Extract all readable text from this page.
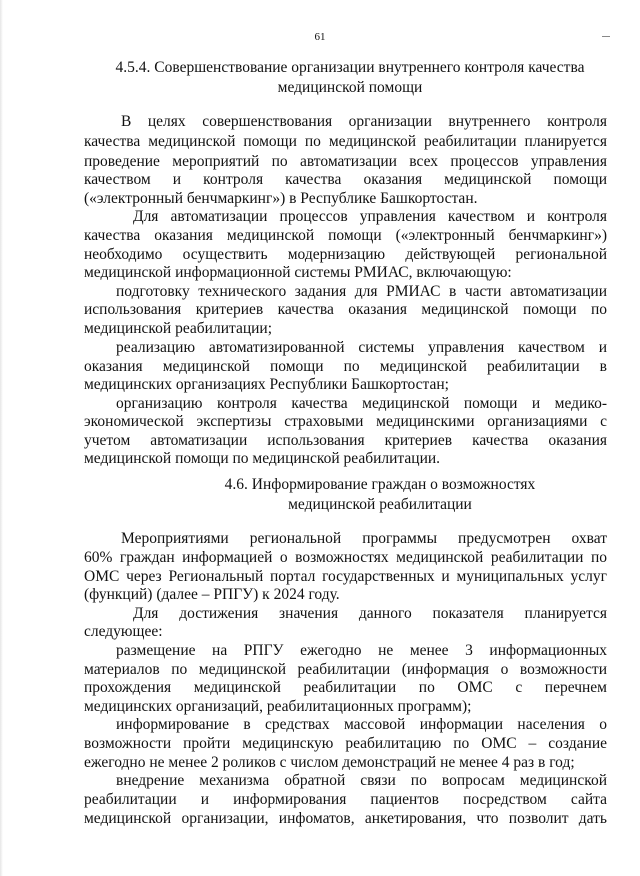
61
4.5.4. Совершенствование организации внутреннего контроля качества
медицинской помощи
В целях совершенствования организации внутреннего контроля
качества медицинской помощи по медицинской реабилитации планируется
проведение мероприятий по автоматизации всех процессов управления
качеством и контроля качества оказания медицинской помощи
(«электронный бенчмаркинг») в Республике Башкортостан.
Для автоматизации процессов управления качеством и контроля
качества оказания медицинской помощи («электронный бенчмаркинг»)
необходимо осуществить модернизацию действующей региональной
медицинской информационной системы РМИАС, включающую:
подготовку технического задания для РМИАС в части автоматизации
использования критериев качества оказания медицинской помощи по
медицинской реабилитации;
реализацию автоматизированной системы управления качеством и
оказания медицинской помощи по медицинской реабилитации в
медицинских организациях Республики Башкортостан;
организацию контроля качества медицинской помощи и медико-
экономической экспертизы страховыми медицинскими организациями с
учетом автоматизации использования критериев качества оказания
медицинской помощи по медицинской реабилитации.
4.6. Информирование граждан о возможностях
медицинской реабилитации
Мероприятиями региональной программы предусмотрен охват
60% граждан информацией о возможностях медицинской реабилитации по
ОМС через Региональный портал государственных и муниципальных услуг
(функций) (далее – РПГУ) к 2024 году.
Для достижения значения данного показателя планируется
следующее:
размещение на РПГУ ежегодно не менее 3 информационных
материалов по медицинской реабилитации (информация о возможности
прохождения медицинской реабилитации по ОМС с перечнем
медицинских организаций, реабилитационных программ);
информирование в средствах массовой информации населения о
возможности пройти медицинскую реабилитацию по ОМС – создание
ежегодно не менее 2 роликов с числом демонстраций не менее 4 раз в год;
внедрение механизма обратной связи по вопросам медицинской
реабилитации и информирования пациентов посредством сайта
медицинской организации, инфоматов, анкетирования, что позволит дать
